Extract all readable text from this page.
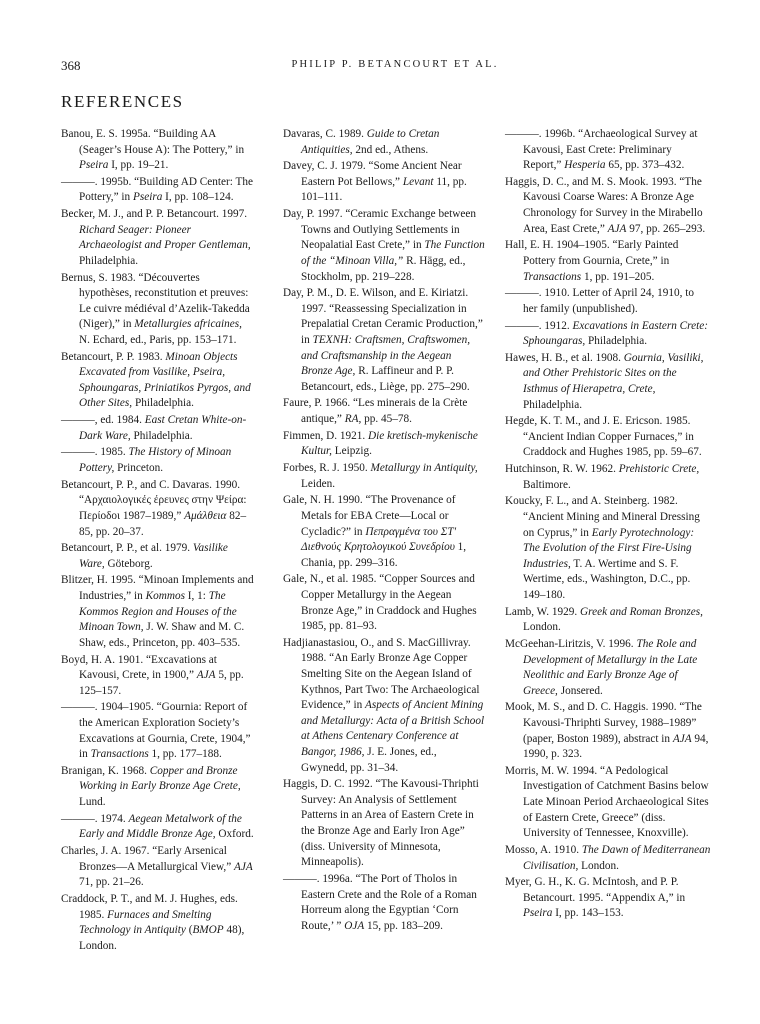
368	PHILIP P. BETANCOURT ET AL.
REFERENCES

Banou, E. S. 1995a. “Building AA (Seager’s House A): The Pottery,” in Pseira I, pp. 19–21.

———. 1995b. “Building AD Center: The Pottery,” in Pseira I, pp. 108–124.

Becker, M. J., and P. P. Betancourt. 1997. Richard Seager: Pioneer Archaeologist and Proper Gentleman, Philadelphia.

Bernus, S. 1983. “Découvertes hypothèses, reconstitution et preuves: Le cuivre médiéval d’Azelik-Takedda (Niger),” in Metallurgies africaines, N. Echard, ed., Paris, pp. 153–171.

Betancourt, P. P. 1983. Minoan Objects Excavated from Vasilike, Pseira, Sphoungaras, Priniatikos Pyrgos, and Other Sites, Philadelphia.

———, ed. 1984. East Cretan White-on-Dark Ware, Philadelphia.

———. 1985. The History of Minoan Pottery, Princeton.

Betancourt, P. P., and C. Davaras. 1990. “Αρχαιολογικές έρευνες στην Ψείρα: Περίοδοι 1987–1989,” Αμάλθεια 82–85, pp. 20–37.

Betancourt, P. P., et al. 1979. Vasilike Ware, Göteborg.

Blitzer, H. 1995. “Minoan Implements and Industries,” in Kommos I, 1: The Kommos Region and Houses of the Minoan Town, J. W. Shaw and M. C. Shaw, eds., Princeton, pp. 403–535.

Boyd, H. A. 1901. “Excavations at Kavousi, Crete, in 1900,” AJA 5, pp. 125–157.

———. 1904–1905. “Gournia: Report of the American Exploration Society’s Excavations at Gournia, Crete, 1904,” in Transactions 1, pp. 177–188.

Branigan, K. 1968. Copper and Bronze Working in Early Bronze Age Crete, Lund.

———. 1974. Aegean Metalwork of the Early and Middle Bronze Age, Oxford.

Charles, J. A. 1967. “Early Arsenical Bronzes—A Metallurgical View,” AJA 71, pp. 21–26.

Craddock, P. T., and M. J. Hughes, eds. 1985. Furnaces and Smelting Technology in Antiquity (BMOP 48), London.

Davaras, C. 1989. Guide to Cretan Antiquities, 2nd ed., Athens.

Davey, C. J. 1979. “Some Ancient Near Eastern Pot Bellows,” Levant 11, pp. 101–111.

Day, P. 1997. “Ceramic Exchange between Towns and Outlying Settlements in Neopalatial East Crete,” in The Function of the “Minoan Villa,” R. Hägg, ed., Stockholm, pp. 219–228.

Day, P. M., D. E. Wilson, and E. Kiriatzi. 1997. “Reassessing Specialization in Prepalatial Cretan Ceramic Production,” in TEXNH: Craftsmen, Craftswomen, and Craftsmanship in the Aegean Bronze Age, R. Laffineur and P. P. Betancourt, eds., Liège, pp. 275–290.

Faure, P. 1966. “Les minerais de la Crète antique,” RA, pp. 45–78.

Fimmen, D. 1921. Die kretisch-mykenische Kultur, Leipzig.

Forbes, R. J. 1950. Metallurgy in Antiquity, Leiden.

Gale, N. H. 1990. “The Provenance of Metals for EBA Crete—Local or Cycladic?” in Πεπραγμένα του ΣΤ′ Διεθνούς Κρητολογικού Συνεδρίου 1, Chania, pp. 299–316.

Gale, N., et al. 1985. “Copper Sources and Copper Metallurgy in the Aegean Bronze Age,” in Craddock and Hughes 1985, pp. 81–93.

Hadjianastasiou, O., and S. MacGillivray. 1988. “An Early Bronze Age Copper Smelting Site on the Aegean Island of Kythnos, Part Two: The Archaeological Evidence,” in Aspects of Ancient Mining and Metallurgy: Acta of a British School at Athens Centenary Conference at Bangor, 1986, J. E. Jones, ed., Gwynedd, pp. 31–34.

Haggis, D. C. 1992. “The Kavousi-Thriphti Survey: An Analysis of Settlement Patterns in an Area of Eastern Crete in the Bronze Age and Early Iron Age” (diss. University of Minnesota, Minneapolis).

———. 1996a. “The Port of Tholos in Eastern Crete and the Role of a Roman Horreum along the Egyptian ‘Corn Route,’ ” OJA 15, pp. 183–209.

———. 1996b. “Archaeological Survey at Kavousi, East Crete: Preliminary Report,” Hesperia 65, pp. 373–432.

Haggis, D. C., and M. S. Mook. 1993. “The Kavousi Coarse Wares: A Bronze Age Chronology for Survey in the Mirabello Area, East Crete,” AJA 97, pp. 265–293.

Hall, E. H. 1904–1905. “Early Painted Pottery from Gournia, Crete,” in Transactions 1, pp. 191–205.

———. 1910. Letter of April 24, 1910, to her family (unpublished).

———. 1912. Excavations in Eastern Crete: Sphoungaras, Philadelphia.

Hawes, H. B., et al. 1908. Gournia, Vasiliki, and Other Prehistoric Sites on the Isthmus of Hierapetra, Crete, Philadelphia.

Hegde, K. T. M., and J. E. Ericson. 1985. “Ancient Indian Copper Furnaces,” in Craddock and Hughes 1985, pp. 59–67.

Hutchinson, R. W. 1962. Prehistoric Crete, Baltimore.

Koucky, F. L., and A. Steinberg. 1982. “Ancient Mining and Mineral Dressing on Cyprus,” in Early Pyrotechnology: The Evolution of the First Fire-Using Industries, T. A. Wertime and S. F. Wertime, eds., Washington, D.C., pp. 149–180.

Lamb, W. 1929. Greek and Roman Bronzes, London.

McGeehan-Liritzis, V. 1996. The Role and Development of Metallurgy in the Late Neolithic and Early Bronze Age of Greece, Jonsered.

Mook, M. S., and D. C. Haggis. 1990. “The Kavousi-Thriphti Survey, 1988–1989” (paper, Boston 1989), abstract in AJA 94, 1990, p. 323.

Morris, M. W. 1994. “A Pedological Investigation of Catchment Basins below Late Minoan Period Archaeological Sites of Eastern Crete, Greece” (diss. University of Tennessee, Knoxville).

Mosso, A. 1910. The Dawn of Mediterranean Civilisation, London.

Myer, G. H., K. G. McIntosh, and P. P. Betancourt. 1995. “Appendix A,” in Pseira I, pp. 143–153.
